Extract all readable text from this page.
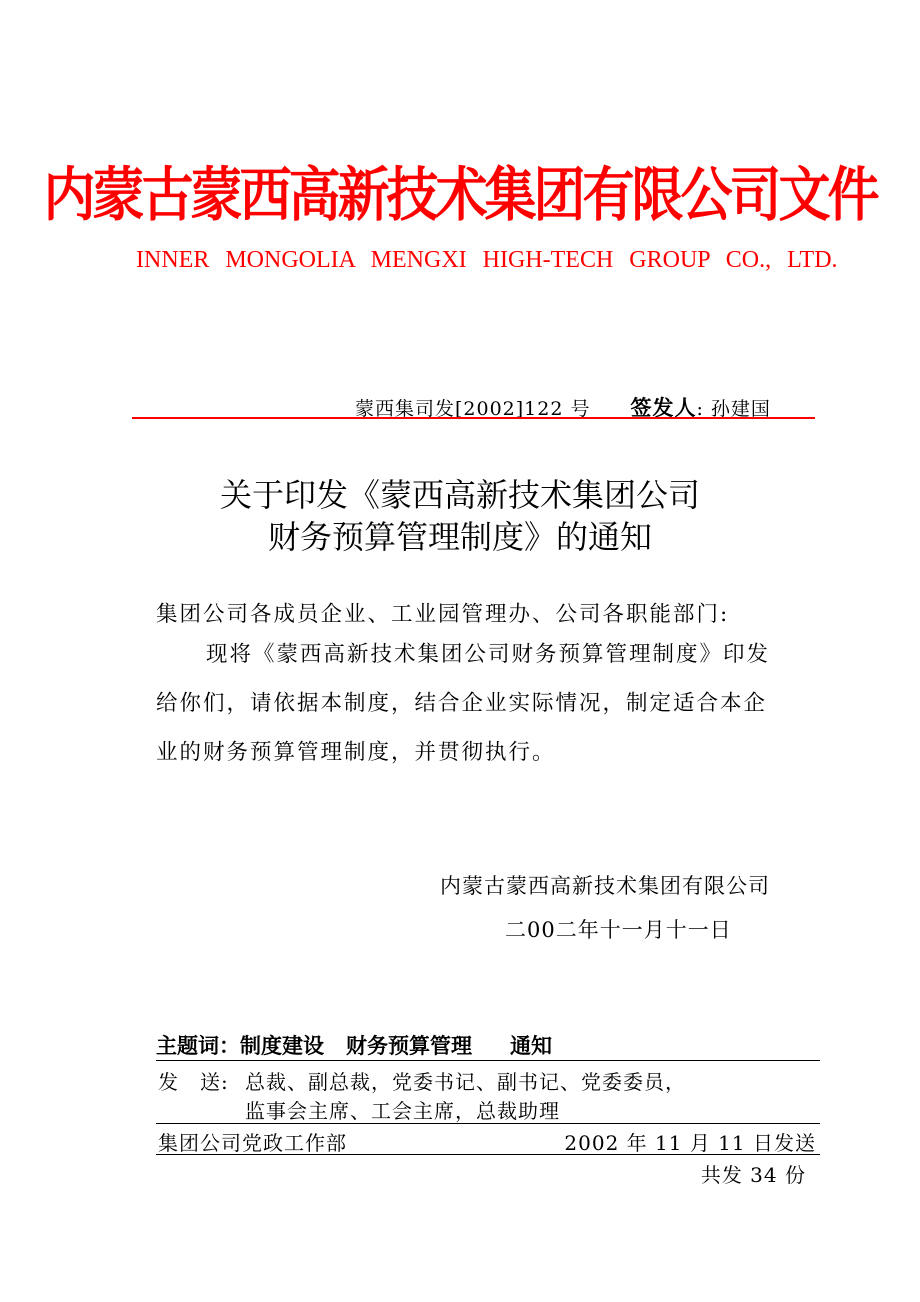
内蒙古蒙西高新技术集团有限公司文件
INNER MONGOLIA MENGXI HIGH-TECH GROUP CO., LTD.
蒙西集司发[2002]122 号 签发人: 孙建国
关于印发《蒙西高新技术集团公司
财务预算管理制度》的通知
集团公司各成员企业、工业园管理办、公司各职能部门:
现将《蒙西高新技术集团公司财务预算管理制度》印发
给你们，请依据本制度，结合企业实际情况，制定适合本企
业的财务预算管理制度，并贯彻执行。
内蒙古蒙西高新技术集团有限公司
二00二年十一月十一日
主题词：制度建设 财务预算管理 通知
发　送: 总裁、副总裁，党委书记、副书记、党委委员，
监事会主席、工会主席，总裁助理
集团公司党政工作部	2002 年 11 月 11 日发送
共发 34 份
